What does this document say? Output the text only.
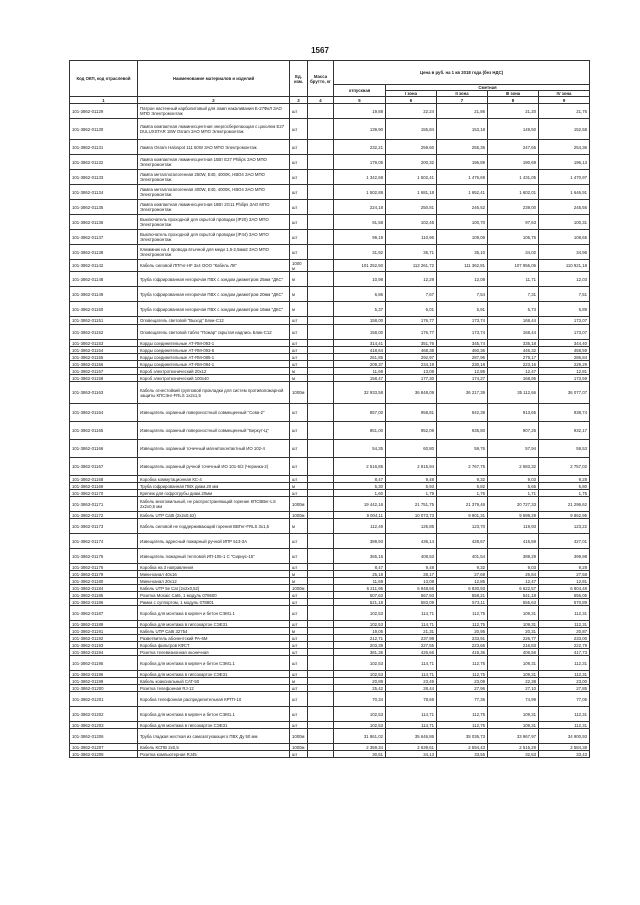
1567
Код ОКП, код отраслевой	Наименование материалов и изделий	Ед. изм.	Масса брутто, кг	Цена в руб. на 1 кв 2018 года (без НДС)				
				отпускная	Сметная			
					I зона	II зона	III зона	IV зона
1	2	3	4	5	6	7	8	9
101-3862-01129	Патрон настенный карболитовый для ламп накаливания Е-27ФкЛ ЗАО МПО Электромонтаж	шт		19,88	22,24	21,86	21,20	21,76
101-3862-01130	Лампа компактная люминесцентная энергосберегающая с цоколем Е27 DULUXSTAR 18W Osram ЗАО МПО Электромонтаж	шт		139,90	155,84	153,18	149,50	152,58
101-3862-01131	Лампа Osram Halospot 111 50W ЗАО МПО Электромонтаж	шт		232,21	259,60	255,35	247,66	254,36
101-3862-01132	Лампа компактная люминесцентная 15Вт Е27 Philips ЗАО МПО Электромонтаж	шт		179,05	200,32	196,89	190,69	196,13
101-3862-01133	Лампа металлогалогенная 250W, Е40, 4000К, НВО4 ЗАО МПО Электромонтаж	шт		1 342,68	1 502,41	1 476,69	1 431,05	1 470,97
101-3862-01134	Лампа металлогалогенная 400W, Е40, 4000К, НВО4 ЗАО МПО Электромонтаж	шт		1 502,88	1 681,18	1 652,41	1 602,01	1 646,91
101-3862-01135	Лампа компактная люминесцентная 18Вт 2G11 Philips ЗАО МПО Электромонтаж	шт		224,18	250,81	246,52	239,00	245,56
101-3862-01136	Выключатель проходной для скрытой проводки (IP20) ЗАО МПО Электромонтаж	шт		91,58	102,45	100,70	97,63	100,31
101-3862-01137	Выключатель проходной для скрытой проводки (IP44) ЗАО МПО Электромонтаж	шт		99,19	110,96	109,06	105,75	108,65
101-3862-01138	Клеммник на 4 провода втычной для меди 1,5-2,5мм2 ЗАО МПО Электромонтаж	шт		31,92	35,71	35,10	34,02	34,96
101-3862-01142	Кабель силовой ППГнг-HF 3х4 ООО "Кабель ЛК"	1000 м		101 252,50	113 261,72	111 362,81	107 956,06	110 921,18
101-3862-01148	Труба гофрированная негорючая ПВХ с зондом диаметром 25мм "ДКС"	м		10,98	12,29	12,08	11,71	12,03
101-3862-01149	Труба гофрированная негорючая ПВХ с зондом диаметром 20мм "ДКС"	м		6,86	7,67	7,54	7,31	7,51
101-3862-01150	Труба гофрированная негорючая ПВХ с зондом диаметром 16мм "ДКС"	м		5,37	6,01	5,91	5,73	5,89
101-3862-01151	Оповещатель световой "Выход" Блик-С12	шт		158,00	176,77	173,74	168,44	173,07
101-3862-01152	Оповещатель световой табло "Пожар" скрытая надпись Блик-С12	шт		158,00	176,77	173,74	168,44	173,07
101-3862-01153	Корды соединительные АТ-RM-093-1	шт		314,41	351,76	345,74	335,18	344,40
101-3862-01154	Корды соединительные АТ-RM-093-5	шт		418,64	468,38	460,36	446,32	458,59
101-3862-01155	Корды соединительные АТ-RM-085-1	шт		261,85	292,97	287,96	279,17	286,84
101-3862-01156	Корды соединительные АТ-RM-094-1	шт		209,37	234,19	230,18	223,16	229,29
101-3862-01157	Короб электротехнический 20х12	м		11,69	13,08	12,86	12,47	12,81
101-3862-01158	Короб электротехнический 100х40	м		158,47	177,30	174,27	168,95	173,59
101-3863-01163	Кабель огнестойкий групповой прокладки для систем противопожарной защиты КПСЭнг-FRLS 1х2х1,5	1000м		32 933,58	36 848,09	36 217,39	35 112,66	36 077,07
101-3862-01164	Извещатель охранный поверхностный совмещенный "Сова-2"	шт		857,00	958,81	942,39	913,65	938,74
101-3862-01165	Извещатель охранный поверхностный совмещенный "Беркут-Ц"	шт		851,00	952,09	935,80	907,25	932,17
101-3862-01166	Извещатель охранный точечный магнитоконтактный ИО 102-4	шт		54,35	60,80	59,76	57,94	59,53
101-3862-01167	Извещатель охранный ручной точечный ИО 101-5/2 (Черника-2)	шт		2 516,85	2 815,94	2 767,75	2 683,32	2 757,02
101-3862-01168	Коробка коммутационная КС-4	шт		8,47	9,48	9,32	9,03	9,28
101-3862-01169	Труба гофрированная ПВХ диам.20 мм	м		5,30	5,93	5,82	5,65	5,80
101-3862-01170	Крепеж для гофротрубы диам.20мм	шт		1,60	1,79	1,76	1,71	1,75
101-3863-01171	Кабель многожильный, не распространяющий горение КПСВВнг-LS 2х2х0,5 мм	1000м		19 442,16	21 751,75	21 379,46	20 727,33	21 296,62
101-3862-01172	Кабель UTP Cat5 (2х2х0,52)	1000м		9 004,11	10 073,73	9 901,31	9 599,29	9 862,95
101-3862-01173	Кабель силовой не поддерживающий горения ВВГнг-FRLS 3х1,5	м		112,49	125,85	123,70	119,93	123,22
101-3862-01174	Извещатель адресный пожарный ручной ИПР 513-3А	шт		389,93	436,14	428,67	415,59	427,01
101-3862-01175	Извещатель пожарный тепловой ИП-105-1 С "Сириус-15"	шт		365,15	408,53	401,54	389,29	399,98
101-3862-01176	Коробка на 3 направления	шт		8,47	9,48	9,32	9,03	9,28
101-3862-01179	Мини-канал 40х16	м		25,18	28,17	27,69	26,84	27,58
101-3862-01180	Мини-канал 20х12	м		11,69	13,08	12,86	12,47	12,81
101-3862-01184	Кабель UTP 5е Cat (2х2х0,52)	1000м		6 211,95	6 948,66	6 830,93	6 622,57	6 804,48
101-3862-01185	Розетка Mosaic Cat6, 1 модуль 078600	шт		507,63	567,93	558,21	541,18	556,05
101-3862-01186	Рамка с суппортом, 1 модуль 078801	шт		521,18	583,09	573,11	555,63	570,89
101-3862-01187	Коробка для монтажа в кирпич и бетон СЭМ1.1	шт		102,53	114,71	112,75	109,31	112,31
101-3862-01189	Коробка для монтажа в гипсокартон СЭЕ31	шт		102,53	114,71	112,75	109,31	112,31
101-3862-01191	Кабель UTP Cat6 32754	м		19,05	21,31	20,95	20,31	20,87
101-3862-01192	Разветвитель абонентский РА-6М	шт		212,71	237,98	233,91	226,77	233,00
101-3862-01193	Коробка фильтров КФСТ	шт		203,39	227,55	223,66	216,83	222,79
101-3862-01194	Розетка телевизионная оконечная	шт		381,36	426,66	419,36	406,56	417,73
101-3862-01195	Коробка для монтажа в кирпич и бетон СЭМ1.1	шт		102,53	114,71	112,75	109,31	112,31
101-3862-01196	Коробка для монтажа в гипсокартон СЭЕ31	шт		102,53	114,71	112,75	109,31	112,31
101-3862-01199	Кабель коаксиальный CAT-50	м		20,89	23,49	23,09	22,38	23,00
101-3862-01200	Розетка телефонная RJ-12	шт		25,42	28,44	27,96	27,10	27,85
101-3862-01201	Коробка телефонная распределительная КРТП-10	шт		70,34	78,69	77,35	74,99	77,05
101-3862-01202	Коробка для монтажа в кирпич и бетон СЭМ1.1	шт		102,53	114,71	112,75	109,31	112,31
101-3862-01203	Коробка для монтажа в гипсокартон СЭЕ31	шт		102,53	114,71	112,75	109,31	112,31
101-3862-01206	Труба гладкая жесткая из самозатухающего ПВХ Ду 50 мм	1000м		31 861,02	35 646,86	35 036,73	33 967,97	34 900,93
101-3862-01207	Кабель КСПВ 2х0,5	1000м		2 359,34	2 639,61	2 594,43	2 515,29	2 584,38
101-3862-01208	Розетка компьютерная RJ45	шт		30,51	34,13	33,55	32,53	33,43
